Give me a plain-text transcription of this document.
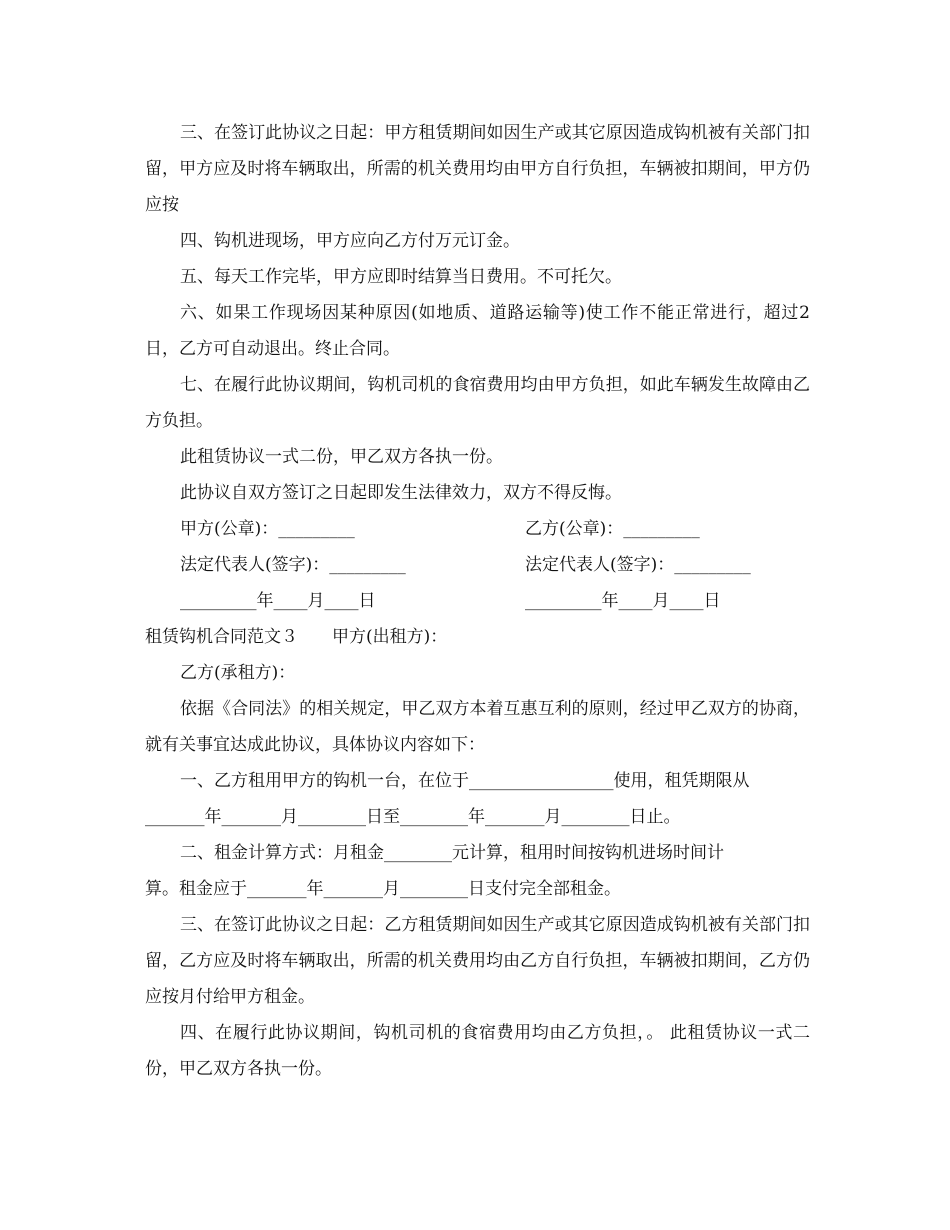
三、在签订此协议之日起：甲方租赁期间如因生产或其它原因造成钩机被有关部门扣留，甲方应及时将车辆取出，所需的机关费用均由甲方自行负担，车辆被扣期间，甲方仍应按

四、钩机进现场，甲方应向乙方付万元订金。

五、每天工作完毕，甲方应即时结算当日费用。不可托欠。

六、如果工作现场因某种原因(如地质、道路运输等)使工作不能正常进行，超过2日，乙方可自动退出。终止合同。

七、在履行此协议期间，钩机司机的食宿费用均由甲方负担，如此车辆发生故障由乙方负担。

此租赁协议一式二份，甲乙双方各执一份。

此协议自双方签订之日起即发生法律效力，双方不得反悔。

甲方(公章)：_________	乙方(公章)：_________
法定代表人(签字)：_________	法定代表人(签字)：_________
_________年____月____日	_________年____月____日

租赁钩机合同范文３　　甲方(出租方)：

乙方(承租方)：

依据《合同法》的相关规定，甲乙双方本着互惠互利的原则，经过甲乙双方的协商，就有关事宜达成此协议，具体协议内容如下：

一、乙方租用甲方的钩机一台，在位于_________________使用，租凭期限从

_______年_______月________日至________年_______月________日止。

二、租金计算方式：月租金________元计算，租用时间按钩机进场时间计

算。租金应于_______年_______月________日支付完全部租金。

三、在签订此协议之日起：乙方租赁期间如因生产或其它原因造成钩机被有关部门扣留，乙方应及时将车辆取出，所需的机关费用均由乙方自行负担，车辆被扣期间，乙方仍应按月付给甲方租金。

四、在履行此协议期间，钩机司机的食宿费用均由乙方负担，。 此租赁协议一式二份，甲乙双方各执一份。
